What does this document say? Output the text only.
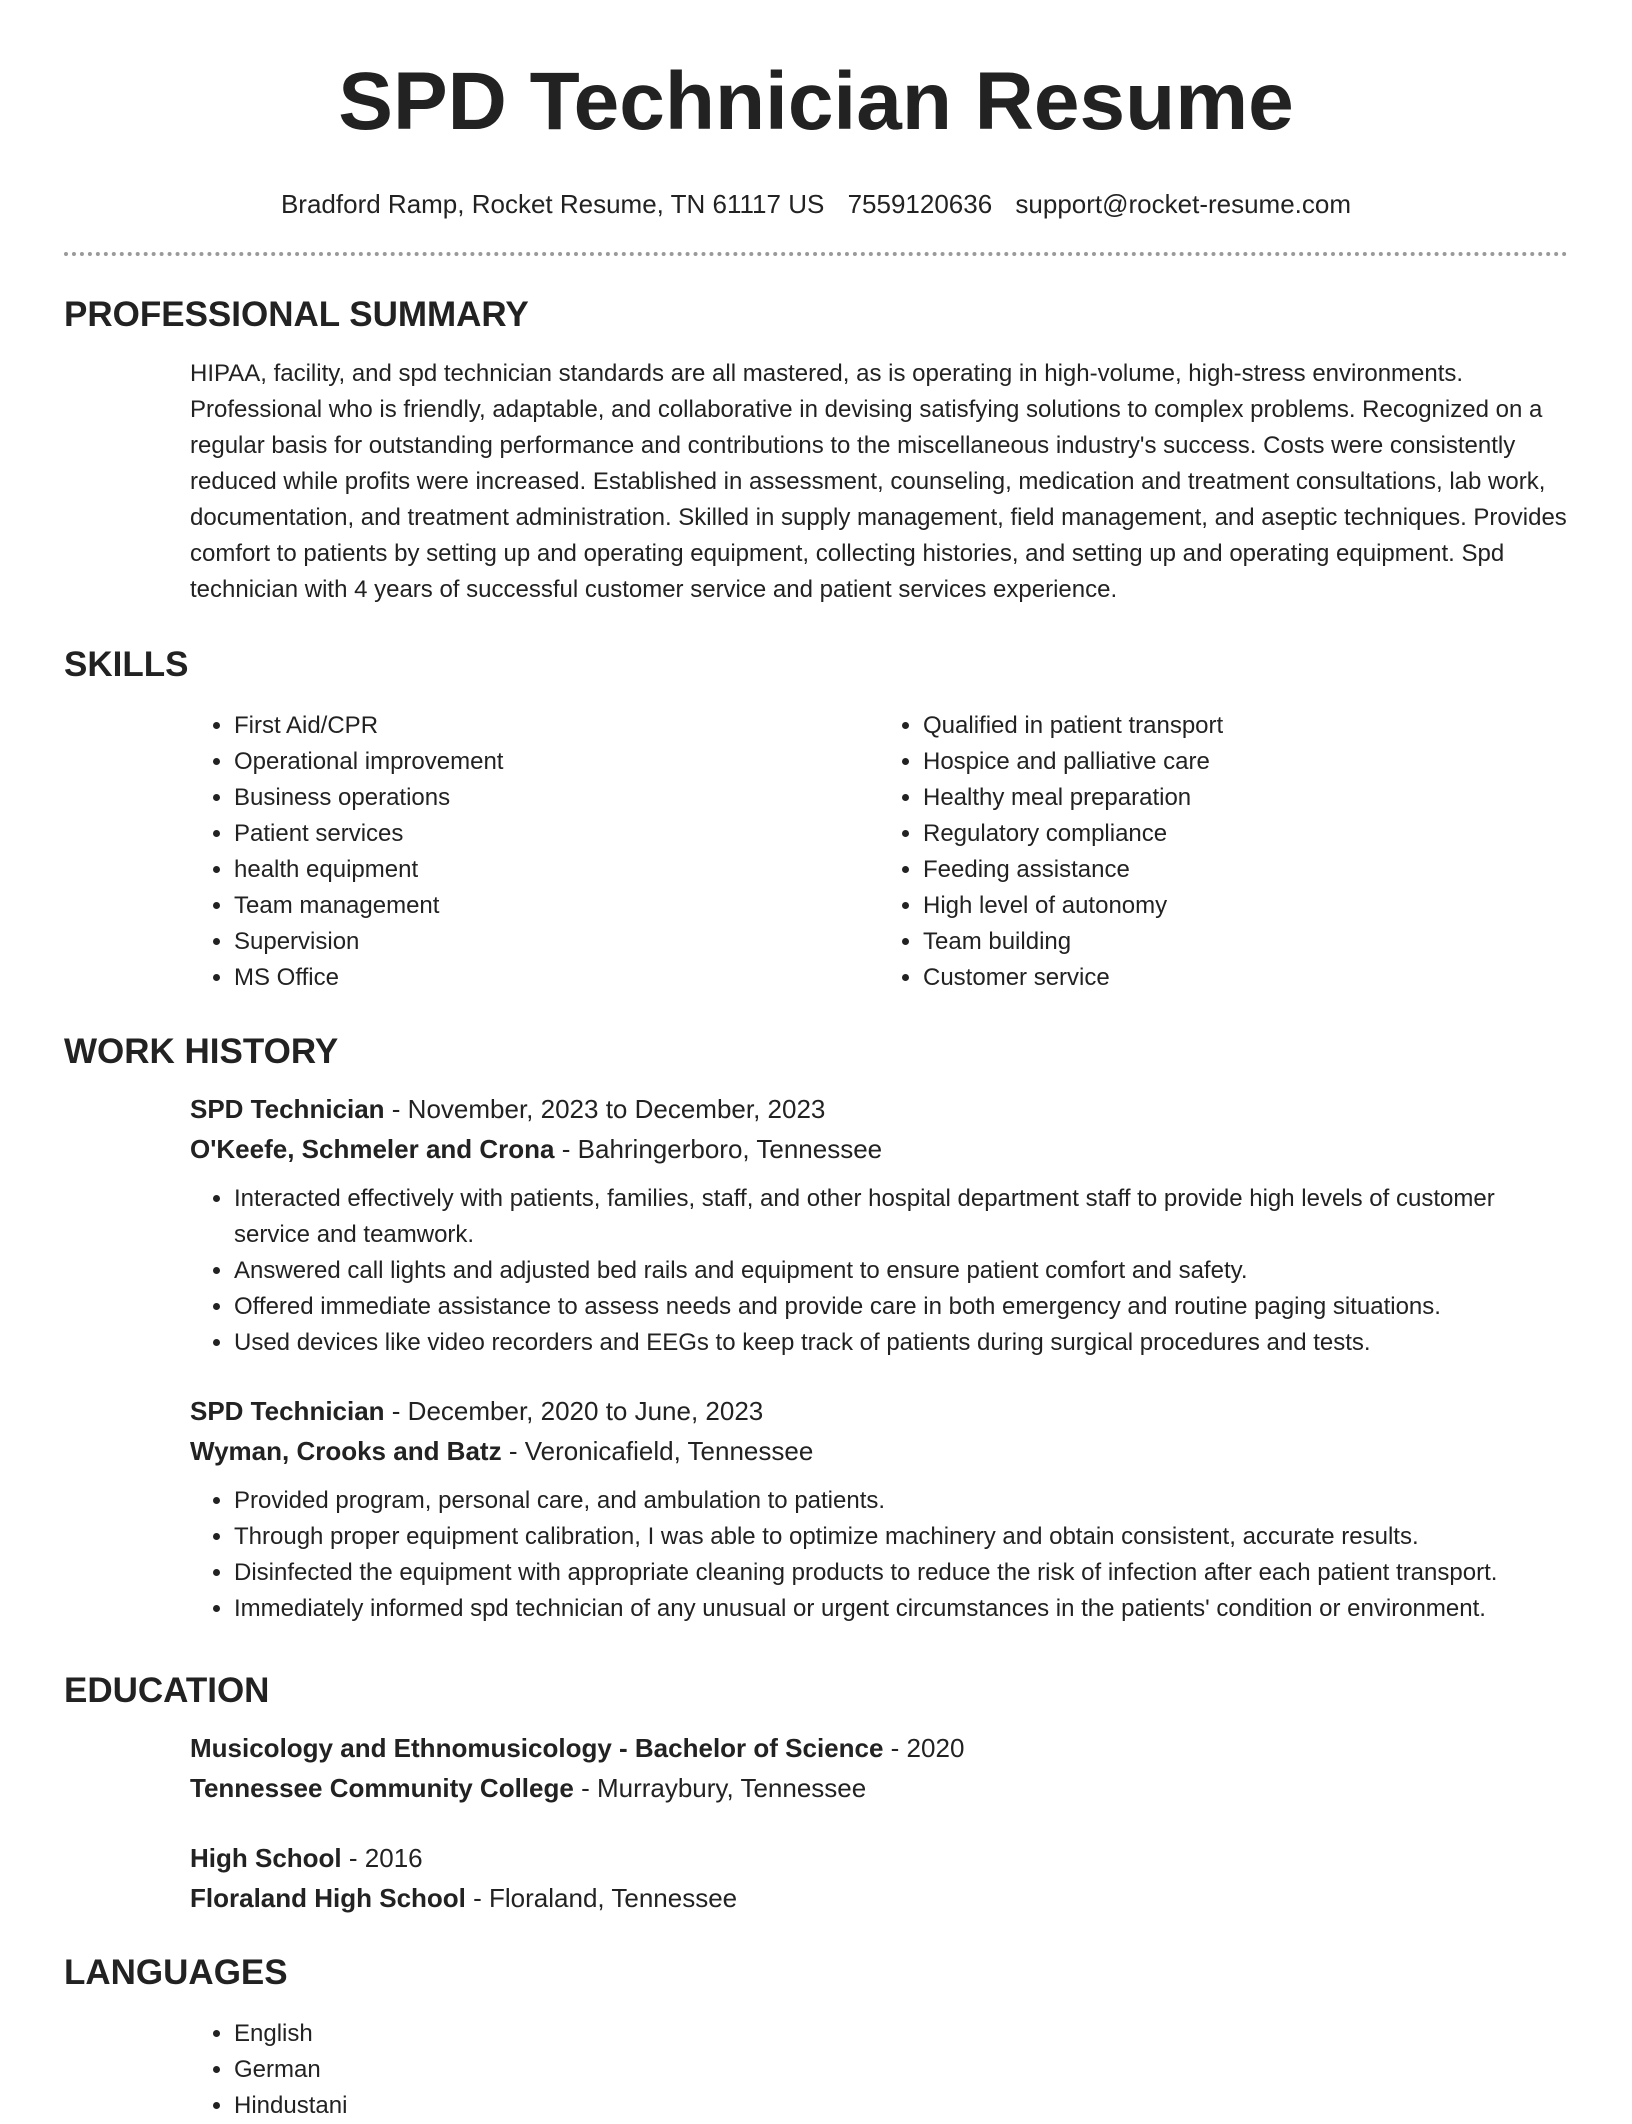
SPD Technician Resume
Bradford Ramp, Rocket Resume, TN 61117 US 7559120636 support@rocket-resume.com
PROFESSIONAL SUMMARY

HIPAA, facility, and spd technician standards are all mastered, as is operating in high-volume, high-stress environments. Professional who is friendly, adaptable, and collaborative in devising satisfying solutions to complex problems. Recognized on a regular basis for outstanding performance and contributions to the miscellaneous industry's success. Costs were consistently reduced while profits were increased. Established in assessment, counseling, medication and treatment consultations, lab work, documentation, and treatment administration. Skilled in supply management, field management, and aseptic techniques. Provides comfort to patients by setting up and operating equipment, collecting histories, and setting up and operating equipment. Spd technician with 4 years of successful customer service and patient services experience.

SKILLS
• First Aid/CPR
• Operational improvement
• Business operations
• Patient services
• health equipment
• Team management
• Supervision
• MS Office
• Qualified in patient transport
• Hospice and palliative care
• Healthy meal preparation
• Regulatory compliance
• Feeding assistance
• High level of autonomy
• Team building
• Customer service
WORK HISTORY
SPD Technician - November, 2023 to December, 2023
O'Keefe, Schmeler and Crona - Bahringerboro, Tennessee
• Interacted effectively with patients, families, staff, and other hospital department staff to provide high levels of customer service and teamwork.
• Answered call lights and adjusted bed rails and equipment to ensure patient comfort and safety.
• Offered immediate assistance to assess needs and provide care in both emergency and routine paging situations.
• Used devices like video recorders and EEGs to keep track of patients during surgical procedures and tests.
SPD Technician - December, 2020 to June, 2023
Wyman, Crooks and Batz - Veronicafield, Tennessee
• Provided program, personal care, and ambulation to patients.
• Through proper equipment calibration, I was able to optimize machinery and obtain consistent, accurate results.
• Disinfected the equipment with appropriate cleaning products to reduce the risk of infection after each patient transport.
• Immediately informed spd technician of any unusual or urgent circumstances in the patients' condition or environment.
EDUCATION
Musicology and Ethnomusicology - Bachelor of Science - 2020
Tennessee Community College - Murraybury, Tennessee
High School - 2016
Floraland High School - Floraland, Tennessee
LANGUAGES
• English
• German
• Hindustani
